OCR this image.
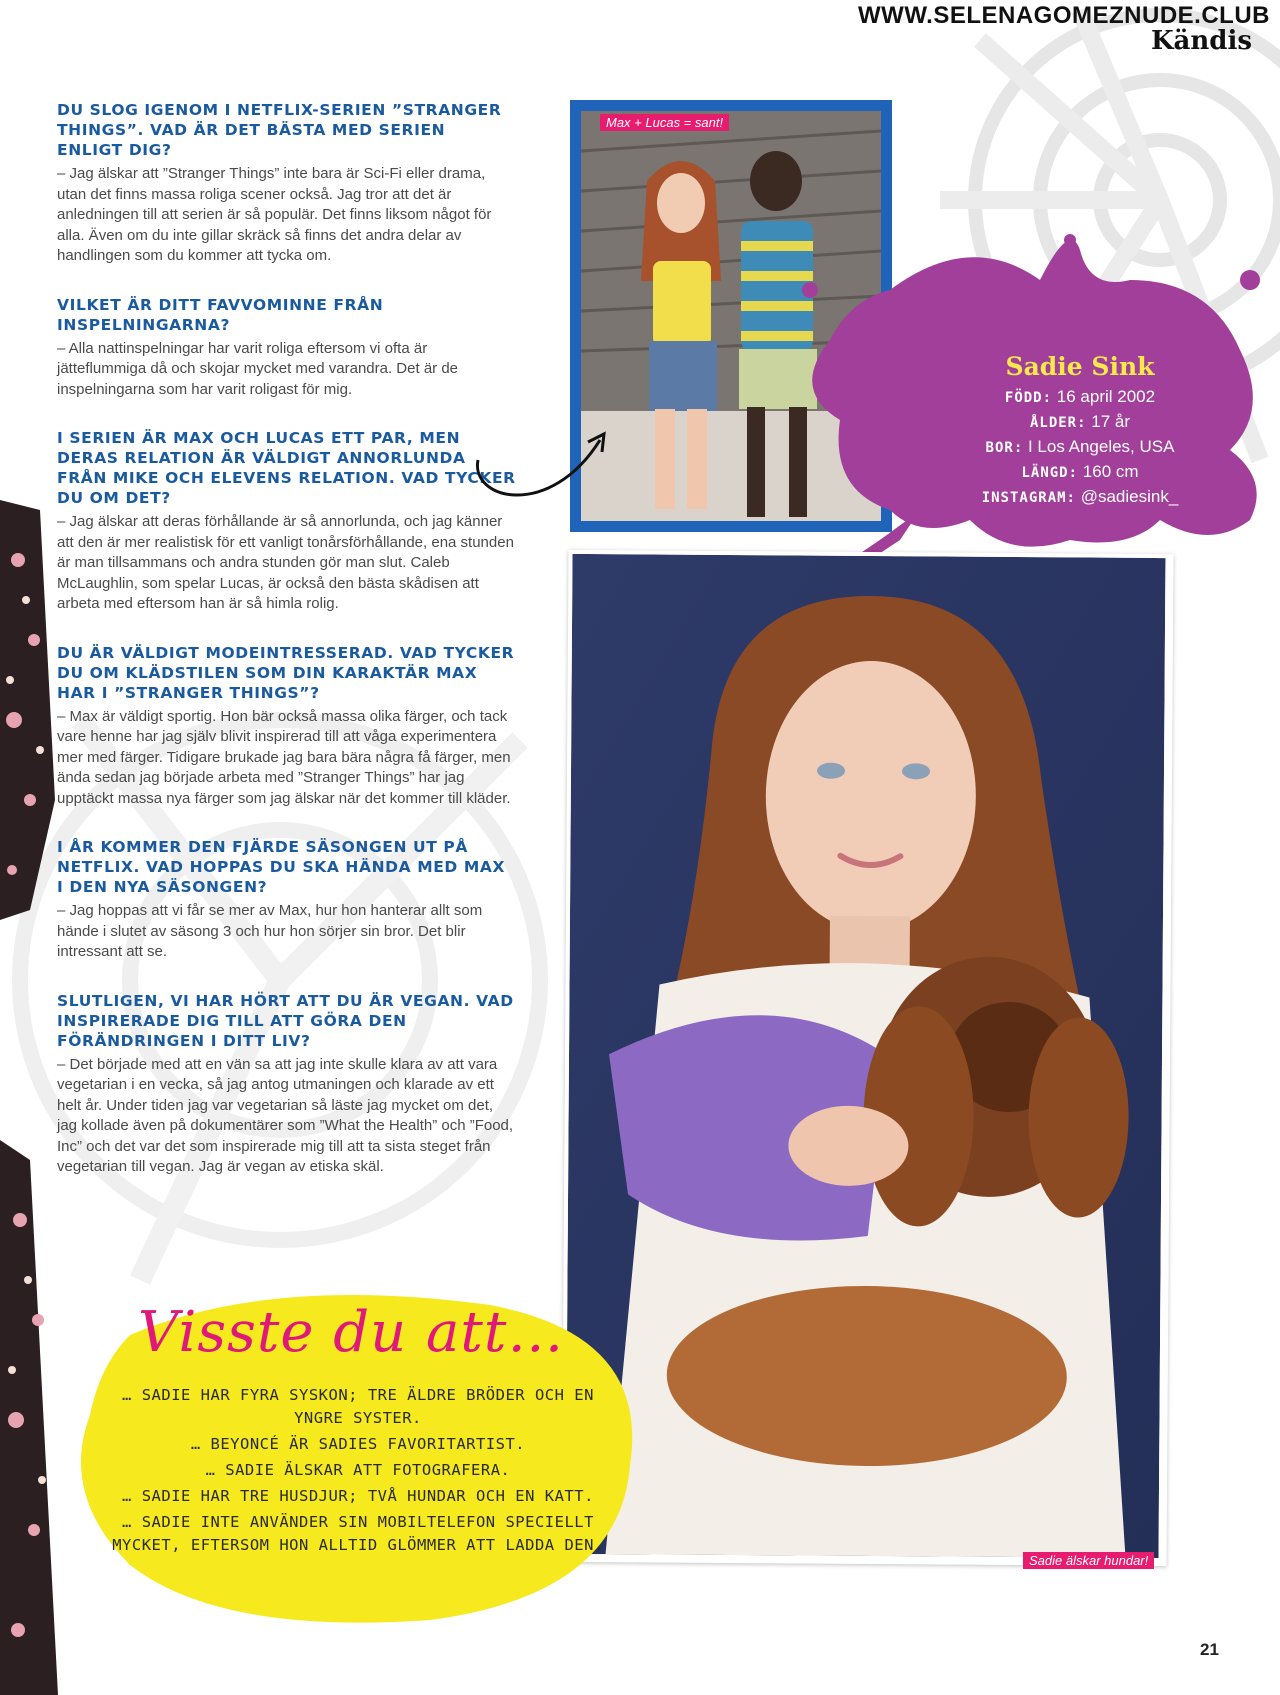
WWW.SELENAGOMEZNUDE.CLUB
Kändis

DU SLOG IGENOM I NETFLIX-SERIEN ”STRANGER THINGS”. VAD ÄR DET BÄSTA MED SERIEN ENLIGT DIG?

– Jag älskar att ”Stranger Things” inte bara är Sci-Fi eller drama, utan det finns massa roliga scener också. Jag tror att det är anledningen till att serien är så populär. Det finns liksom något för alla. Även om du inte gillar skräck så finns det andra delar av handlingen som du kommer att tycka om.

VILKET ÄR DITT FAVVOMINNE FRÅN INSPELNINGARNA?

– Alla nattinspelningar har varit roliga eftersom vi ofta är jätteflummiga då och skojar mycket med varandra. Det är de inspelningarna som har varit roligast för mig.

I SERIEN ÄR MAX OCH LUCAS ETT PAR, MEN DERAS RELATION ÄR VÄLDIGT ANNORLUNDA FRÅN MIKE OCH ELEVENS RELATION. VAD TYCKER DU OM DET?

– Jag älskar att deras förhållande är så annorlunda, och jag känner att den är mer realistisk för ett vanligt tonårsförhållande, ena stunden är man tillsammans och andra stunden gör man slut. Caleb McLaughlin, som spelar Lucas, är också den bästa skådisen att arbeta med eftersom han är så himla rolig.

DU ÄR VÄLDIGT MODEINTRESSERAD. VAD TYCKER DU OM KLÄDSTILEN SOM DIN KARAKTÄR MAX HAR I ”STRANGER THINGS”?

– Max är väldigt sportig. Hon bär också massa olika färger, och tack vare henne har jag själv blivit inspirerad till att våga experimentera mer med färger. Tidigare brukade jag bara bära några få färger, men ända sedan jag började arbeta med ”Stranger Things” har jag upptäckt massa nya färger som jag älskar när det kommer till kläder.

I ÅR KOMMER DEN FJÄRDE SÄSONGEN UT PÅ NETFLIX. VAD HOPPAS DU SKA HÄNDA MED MAX I DEN NYA SÄSONGEN?

– Jag hoppas att vi får se mer av Max, hur hon hanterar allt som hände i slutet av säsong 3 och hur hon sörjer sin bror. Det blir intressant att se.

SLUTLIGEN, VI HAR HÖRT ATT DU ÄR VEGAN. VAD INSPIRERADE DIG TILL ATT GÖRA DEN FÖRÄNDRINGEN I DITT LIV?

– Det började med att en vän sa att jag inte skulle klara av att vara vegetarian i en vecka, så jag antog utmaningen och klarade av ett helt år. Under tiden jag var vegetarian så läste jag mycket om det, jag kollade även på dokumentärer som ”What the Health” och ”Food, Inc” och det var det som inspirerade mig till att ta sista steget från vegetarian till vegan. Jag är vegan av etiska skäl.

Max + Lucas = sant!
Sadie Sink
FÖDD: 16 april 2002
ÅLDER: 17 år
BOR: I Los Angeles, USA
LÄNGD: 160 cm
INSTAGRAM: @sadiesink_
Sadie älskar hundar!
Visste du att…

… SADIE HAR FYRA SYSKON; TRE ÄLDRE BRÖDER OCH EN YNGRE SYSTER.

… BEYONCÉ ÄR SADIES FAVORITARTIST.

… SADIE ÄLSKAR ATT FOTOGRAFERA.

… SADIE HAR TRE HUSDJUR; TVÅ HUNDAR OCH EN KATT.

… SADIE INTE ANVÄNDER SIN MOBILTELEFON SPECIELLT MYCKET, EFTERSOM HON ALLTID GLÖMMER ATT LADDA DEN.

21
